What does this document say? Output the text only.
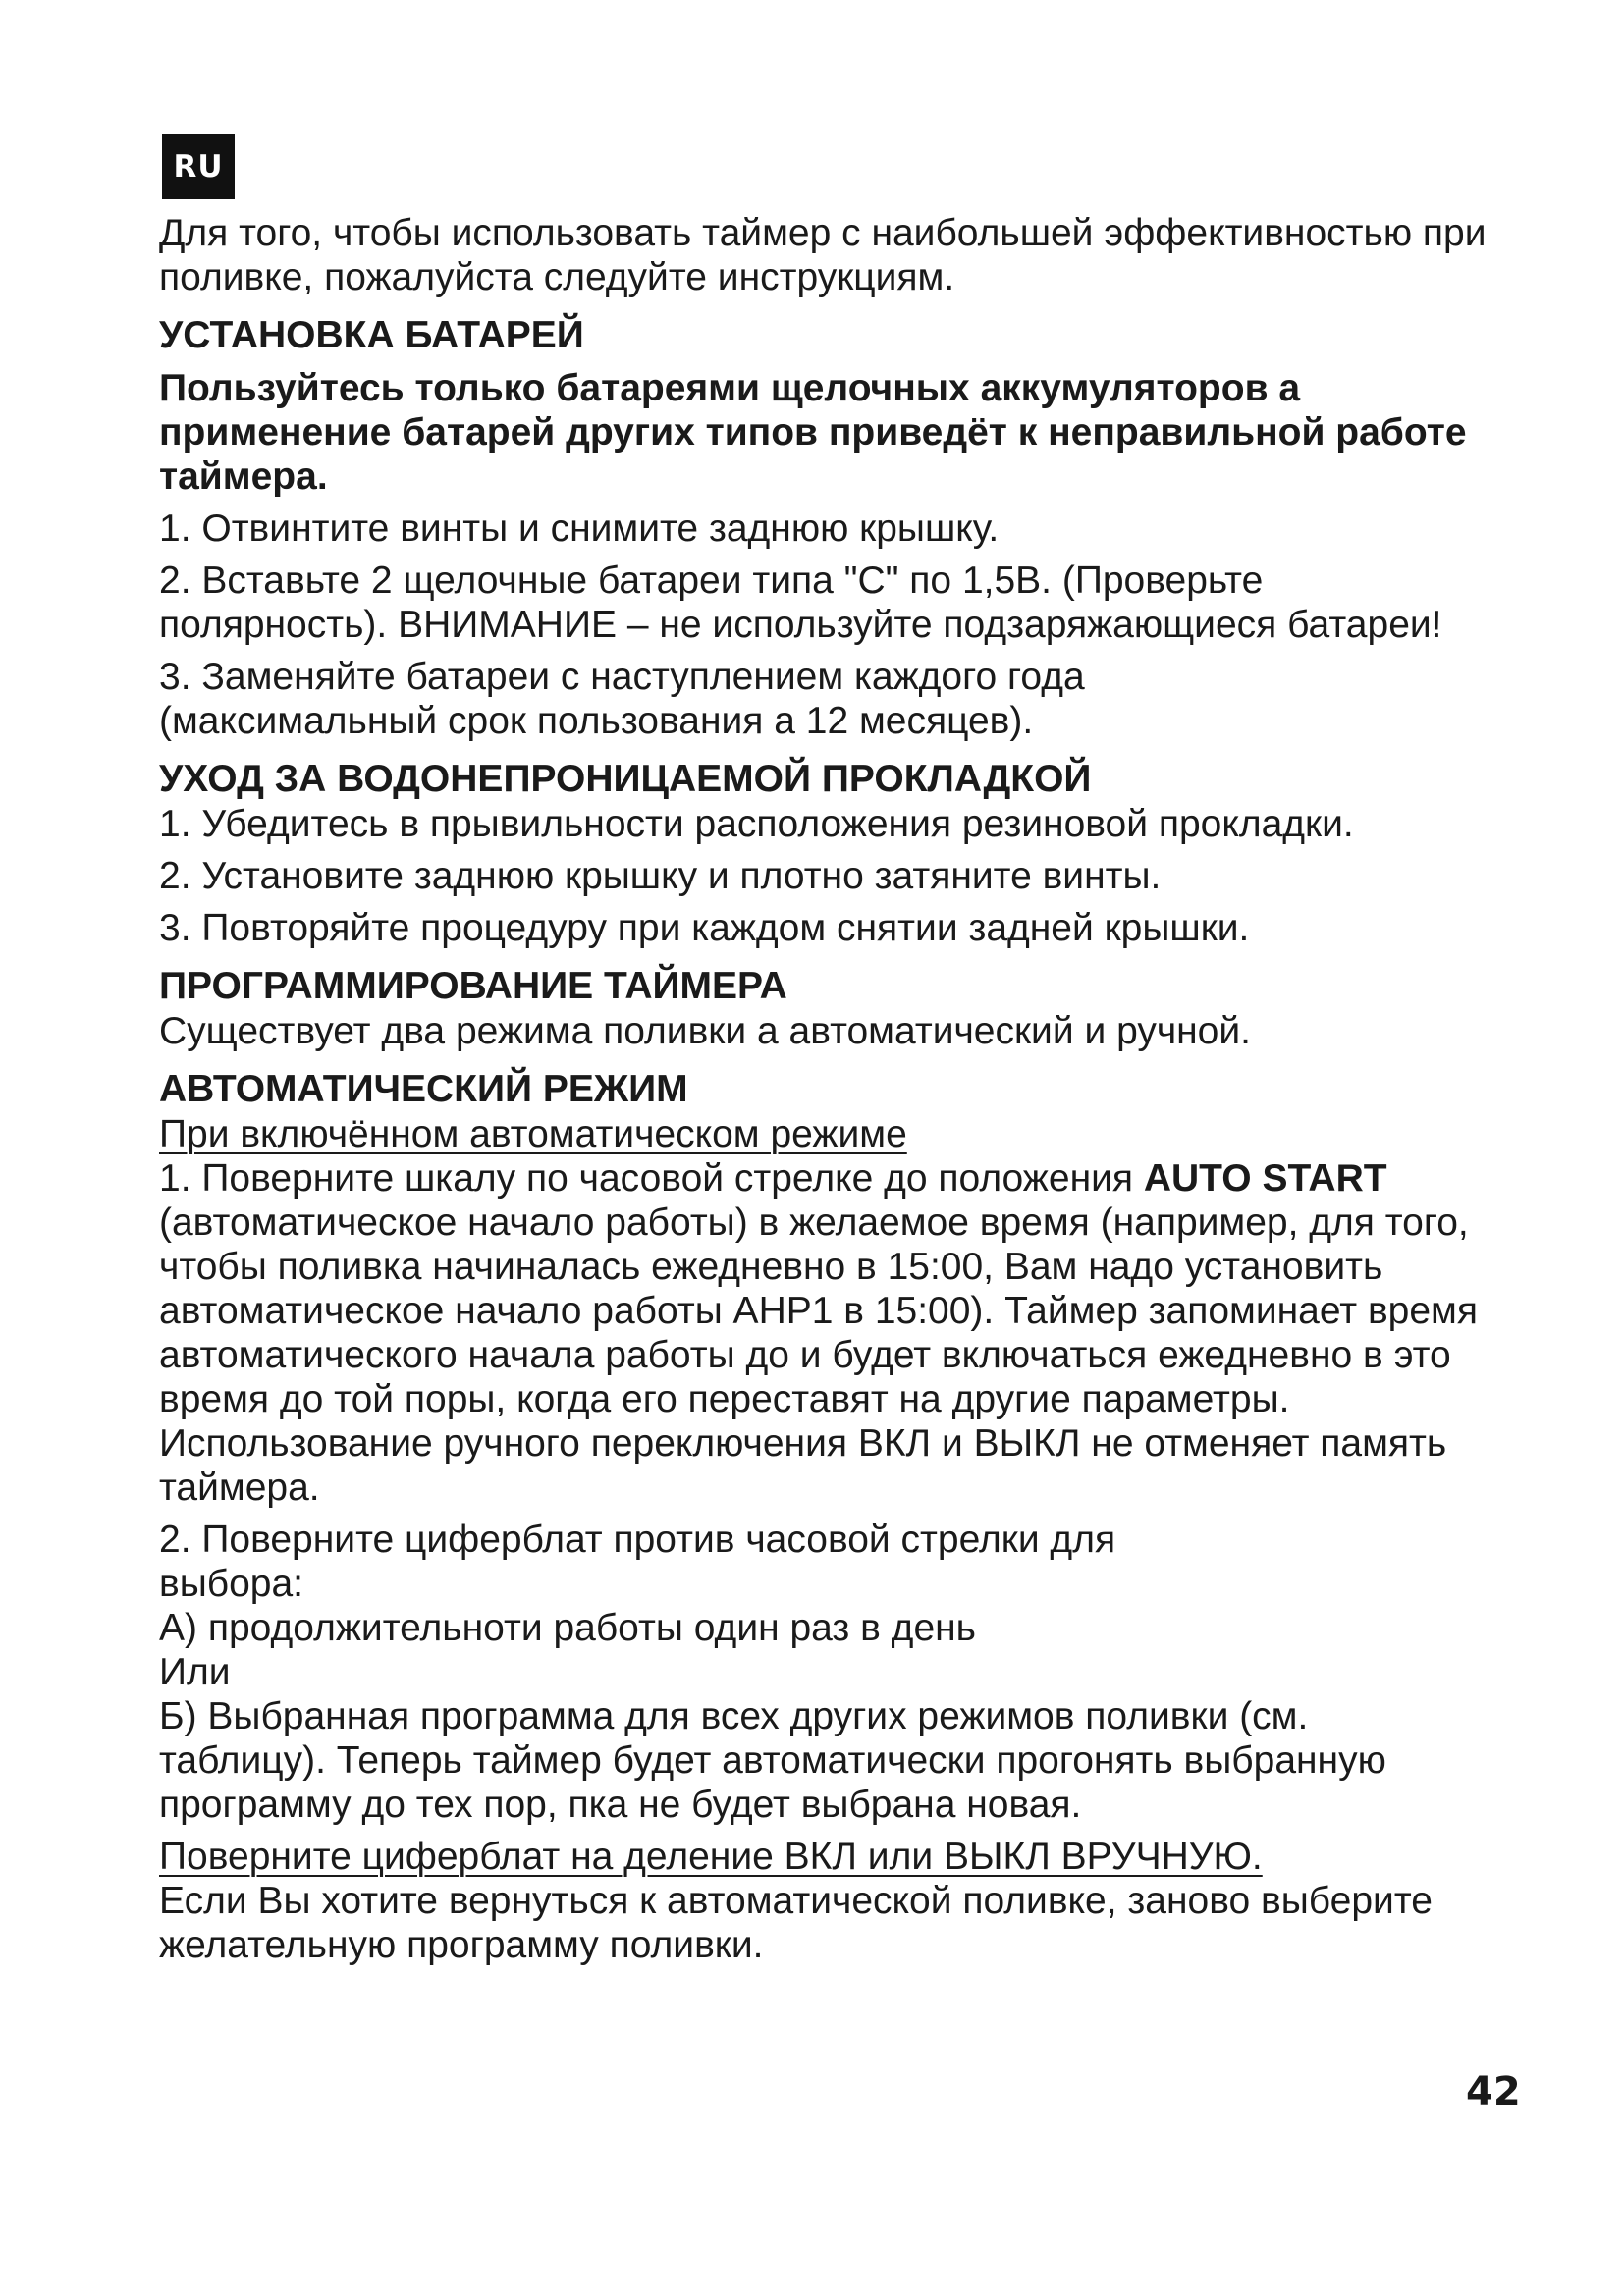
RU

Для того, чтобы использовать таймер с наибольшей эффективностью при поливке, пожалуйста следуйте инструкциям.

УСТАНОВКА БАТАРЕЙ

Пользуйтесь только батареями щелочных аккумуляторов а применение батарей других типов приведёт к неправильной работе таймера.

1. Отвинтите винты и снимите заднюю крышку.

2. Вставьте 2 щелочные батареи типа "С" по 1,5В. (Проверьте полярность). ВНИМАНИЕ – не используйте подзаряжающиеся батареи!

3. Заменяйте батареи с наступлением каждого года (максимальный срок пользования а 12 месяцев).

УХОД ЗА ВОДОНЕПРОНИЦАЕМОЙ ПРОКЛАДКОЙ

1. Убедитесь в прывильности расположения резиновой прокладки.

2. Установите заднюю крышку и плотно затяните винты.

3. Повторяйте процедуру при каждом снятии задней крышки.

ПРОГРАММИРОВАНИЕ ТАЙМЕРА

Существует два режима поливки а автоматический и ручной.

АВТОМАТИЧЕСКИЙ РЕЖИМ

При включённом автоматическом режиме

1. Поверните шкалу по часовой стрелке до положения AUTO START (автоматическое начало работы) в желаемое время (например, для того, чтобы поливка начиналась ежедневно в 15:00, Вам надо установить автоматическое начало работы АНР1 в 15:00). Таймер запоминает время автоматического начала работы до и будет включаться ежедневно в это время до той поры, когда его переставят на другие параметры. Использование ручного переключения ВКЛ и ВЫКЛ не отменяет память таймера.

2. Поверните циферблат против часовой стрелки для выбора:

А) продолжительноти работы один раз в день

Или

Б) Выбранная программа для всех других режимов поливки (см. таблицу). Теперь таймер будет автоматически прогонять выбранную программу до тех пор, пка не будет выбрана новая.

Поверните циферблат на деление ВКЛ или ВЫКЛ ВРУЧНУЮ.

Если Вы хотите вернуться к автоматической поливке, заново выберите желательную программу поливки.

42
